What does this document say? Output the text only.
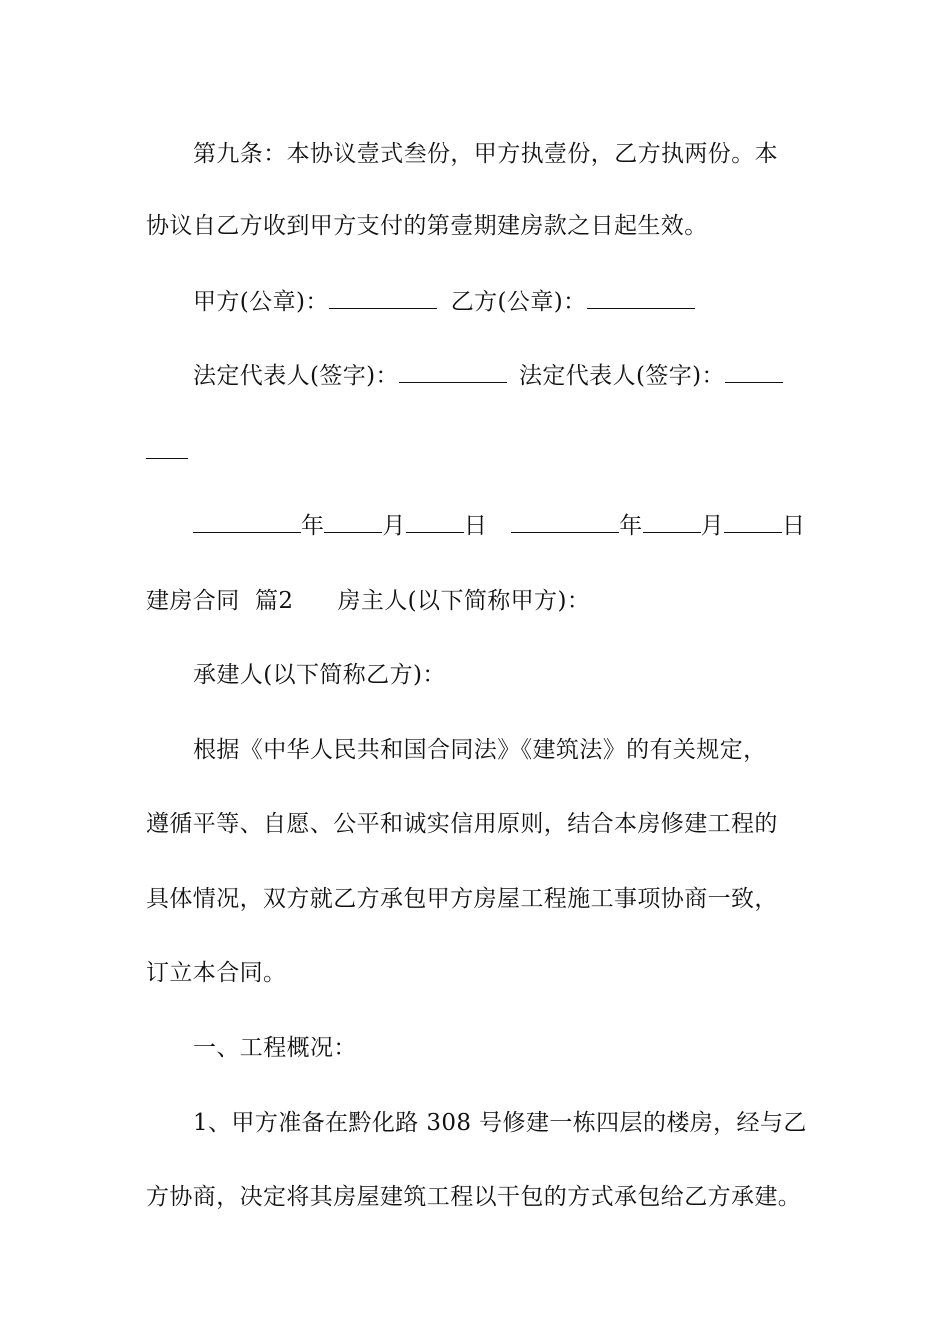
第九条：本协议壹式叁份，甲方执壹份，乙方执两份。本
协议自乙方收到甲方支付的第壹期建房款之日起生效。
甲方(公章)：	乙方(公章)：
法定代表人(签字)：	法定代表人(签字)：
年	月	日	年	月	日
建房合同  篇2 房主人(以下简称甲方)：
承建人(以下简称乙方)：
根据《中华人民共和国合同法》《建筑法》的有关规定，
遵循平等、自愿、公平和诚实信用原则，结合本房修建工程的
具体情况，双方就乙方承包甲方房屋工程施工事项协商一致，
订立本合同。
一、工程概况：
1、甲方准备在黔化路 308 号修建一栋四层的楼房，经与乙
方协商，决定将其房屋建筑工程以干包的方式承包给乙方承建。
